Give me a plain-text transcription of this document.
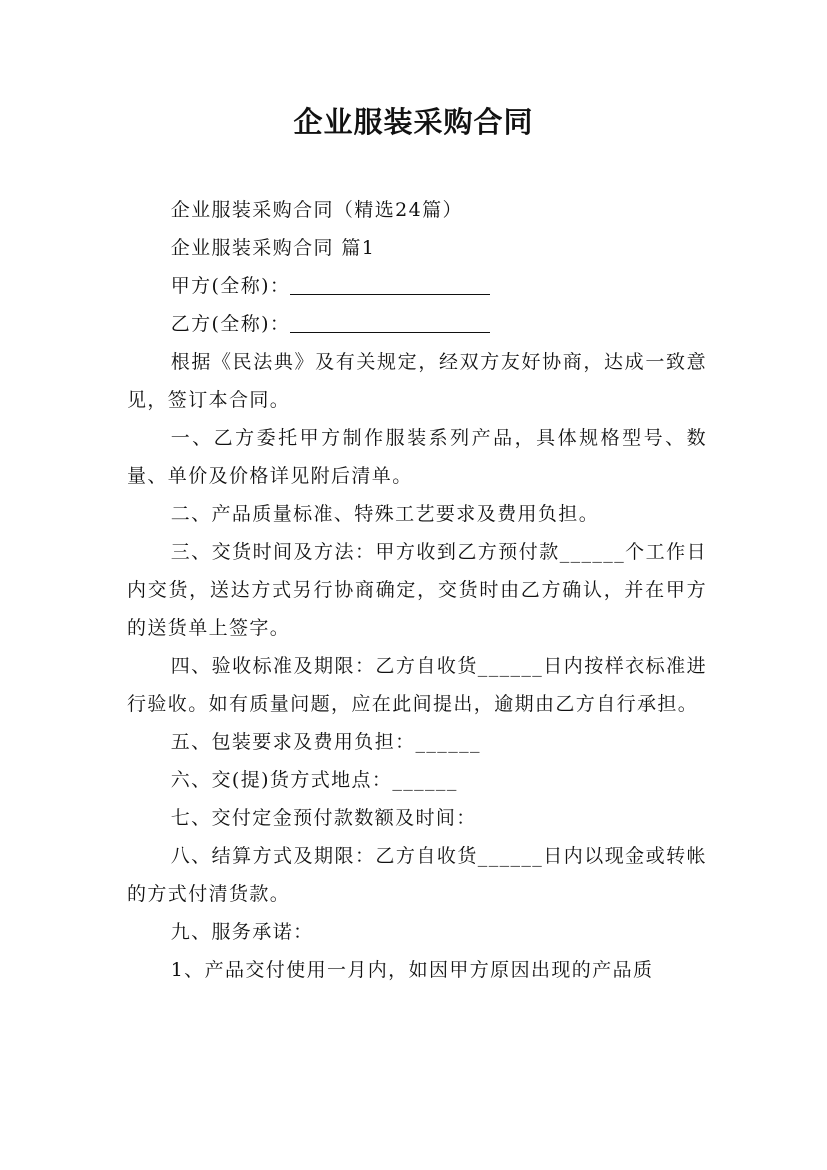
企业服装采购合同

企业服装采购合同（精选24篇）

企业服装采购合同 篇1

甲方(全称)：

乙方(全称)：

根据《民法典》及有关规定，经双方友好协商，达成一致意见，签订本合同。

一、乙方委托甲方制作服装系列产品，具体规格型号、数量、单价及价格详见附后清单。

二、产品质量标准、特殊工艺要求及费用负担。

三、交货时间及方法：甲方收到乙方预付款______个工作日内交货，送达方式另行协商确定，交货时由乙方确认，并在甲方的送货单上签字。

四、验收标准及期限：乙方自收货______日内按样衣标准进行验收。如有质量问题，应在此间提出，逾期由乙方自行承担。

五、包装要求及费用负担：______

六、交(提)货方式地点：______

七、交付定金预付款数额及时间：

八、结算方式及期限：乙方自收货______日内以现金或转帐的方式付清货款。

九、服务承诺：

1、产品交付使用一月内，如因甲方原因出现的产品质
